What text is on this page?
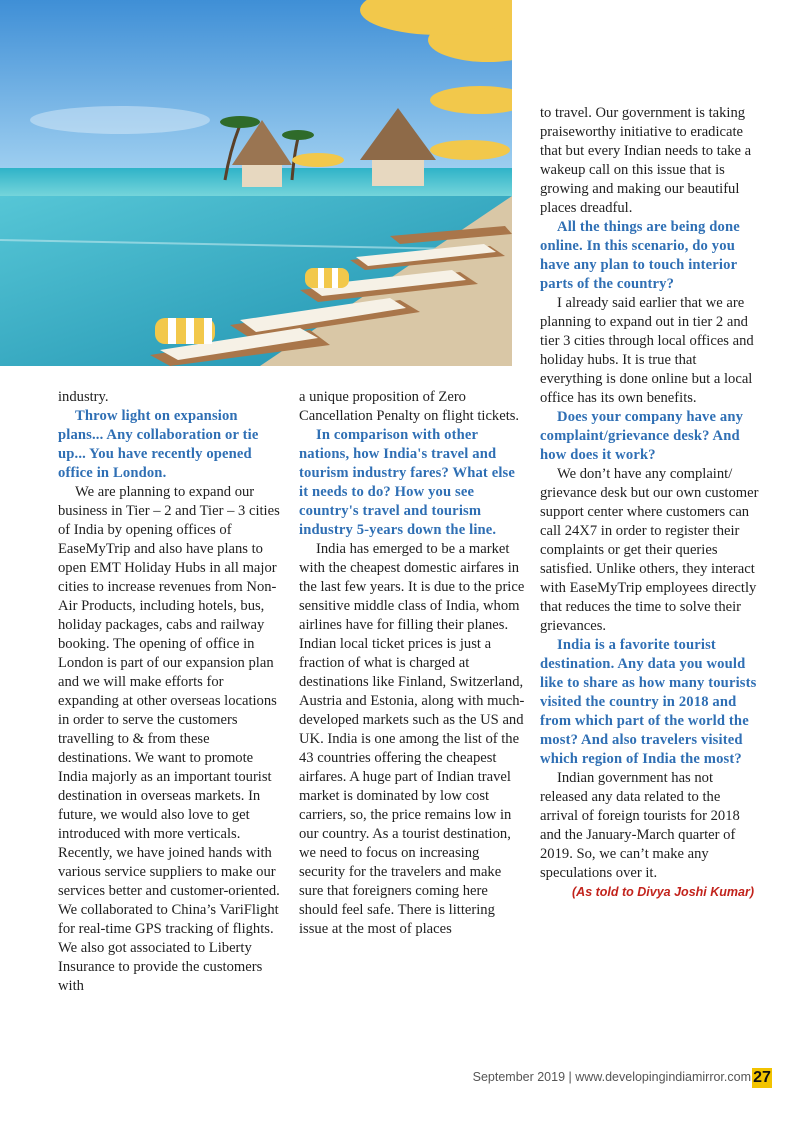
industry.

Throw light on expansion plans... Any collaboration or tie up... You have recently opened office in London.

We are planning to expand our business in Tier – 2 and Tier – 3 cities of India by opening offices of EaseMyTrip and also have plans to open EMT Holiday Hubs in all major cities to increase revenues from Non-Air Products, including hotels, bus, holiday packages, cabs and railway booking. The opening of office in London is part of our expansion plan and we will make efforts for expanding at other overseas locations in order to serve the customers travelling to & from these destinations. We want to promote India majorly as an important tourist destination in overseas markets. In future, we would also love to get introduced with more verticals. Recently, we have joined hands with various service suppliers to make our services better and customer-oriented. We collaborated to China’s VariFlight for real-time GPS tracking of flights. We also got associated to Liberty Insurance to provide the customers with

a unique proposition of Zero Cancellation Penalty on flight tickets.

In comparison with other nations, how India's travel and tourism industry fares? What else it needs to do? How you see country's travel and tourism industry 5-years down the line.

India has emerged to be a market with the cheapest domestic airfares in the last few years. It is due to the price sensitive middle class of India, whom airlines have for filling their planes. Indian local ticket prices is just a fraction of what is charged at destinations like Finland, Switzerland, Austria and Estonia, along with much-developed markets such as the US and UK. India is one among the list of the 43 countries offering the cheapest airfares. A huge part of Indian travel market is dominated by low cost carriers, so, the price remains low in our country. As a tourist destination, we need to focus on increasing security for the travelers and make sure that foreigners coming here should feel safe. There is littering issue at the most of places

to travel. Our government is taking praiseworthy initiative to eradicate that but every Indian needs to take a wakeup call on this issue that is growing and making our beautiful places dreadful.

All the things are being done online. In this scenario, do you have any plan to touch interior parts of the country?

I already said earlier that we are planning to expand out in tier 2 and tier 3 cities through local offices and holiday hubs. It is true that everything is done online but a local office has its own benefits.

Does your company have any complaint/grievance desk? And how does it work?

We don’t have any complaint/ grievance desk but our own customer support center where customers can call 24X7 in order to register their complaints or get their queries satisfied. Unlike others, they interact with EaseMyTrip employees directly that reduces the time to solve their grievances.

India is a favorite tourist destination. Any data you would like to share as how many tourists visited the country in 2018 and from which part of the world the most? And also travelers visited which region of India the most?

Indian government has not released any data related to the arrival of foreign tourists for 2018 and the January-March quarter of 2019. So, we can’t make any speculations over it.

(As told to Divya Joshi Kumar)

September 2019 | www.developingindiamirror.com 27
